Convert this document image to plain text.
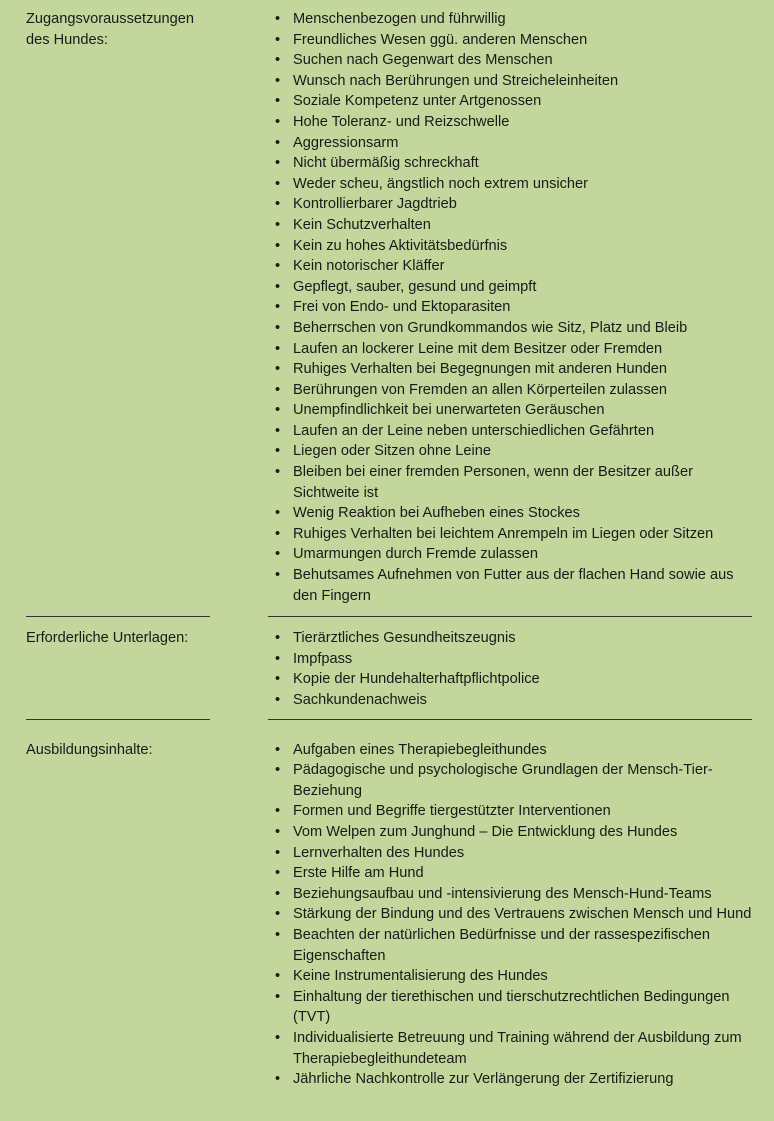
Zugangsvoraussetzungen des Hundes:
• Menschenbezogen und führwillig
• Freundliches Wesen ggü. anderen Menschen
• Suchen nach Gegenwart des Menschen
• Wunsch nach Berührungen und Streicheleinheiten
• Soziale Kompetenz unter Artgenossen
• Hohe Toleranz- und Reizschwelle
• Aggressionsarm
• Nicht übermäßig schreckhaft
• Weder scheu, ängstlich noch extrem unsicher
• Kontrollierbarer Jagdtrieb
• Kein Schutzverhalten
• Kein zu hohes Aktivitätsbedürfnis
• Kein notorischer Kläffer
• Gepflegt, sauber, gesund und geimpft
• Frei von Endo- und Ektoparasiten
• Beherrschen von Grundkommandos wie Sitz, Platz und Bleib
• Laufen an lockerer Leine mit dem Besitzer oder Fremden
• Ruhiges Verhalten bei Begegnungen mit anderen Hunden
• Berührungen von Fremden an allen Körperteilen zulassen
• Unempfindlichkeit bei unerwarteten Geräuschen
• Laufen an der Leine neben unterschiedlichen Gefährten
• Liegen oder Sitzen ohne Leine
• Bleiben bei einer fremden Personen, wenn der Besitzer außer Sichtweite ist
• Wenig Reaktion bei Aufheben eines Stockes
• Ruhiges Verhalten bei leichtem Anrempeln im Liegen oder Sitzen
• Umarmungen durch Fremde zulassen
• Behutsames Aufnehmen von Futter aus der flachen Hand sowie aus den Fingern
Erforderliche Unterlagen:	• Tierärztliches Gesundheitszeugnis
• Impfpass
• Kopie der Hundehalterhaftpflichtpolice
• Sachkundenachweis
Ausbildungsinhalte:	• Aufgaben eines Therapiebegleithundes
• Pädagogische und psychologische Grundlagen der Mensch-Tier-Beziehung
• Formen und Begriffe tiergestützter Interventionen
• Vom Welpen zum Junghund – Die Entwicklung des Hundes
• Lernverhalten des Hundes
• Erste Hilfe am Hund
• Beziehungsaufbau und -intensivierung des Mensch-Hund-Teams
• Stärkung der Bindung und des Vertrauens zwischen Mensch und Hund
• Beachten der natürlichen Bedürfnisse und der rassespezifischen Eigenschaften
• Keine Instrumentalisierung des Hundes
• Einhaltung der tierethischen und tierschutzrechtlichen Bedingungen (TVT)
• Individualisierte Betreuung und Training während der Ausbildung zum Therapiebegleithundeteam
• Jährliche Nachkontrolle zur Verlängerung der Zertifizierung
